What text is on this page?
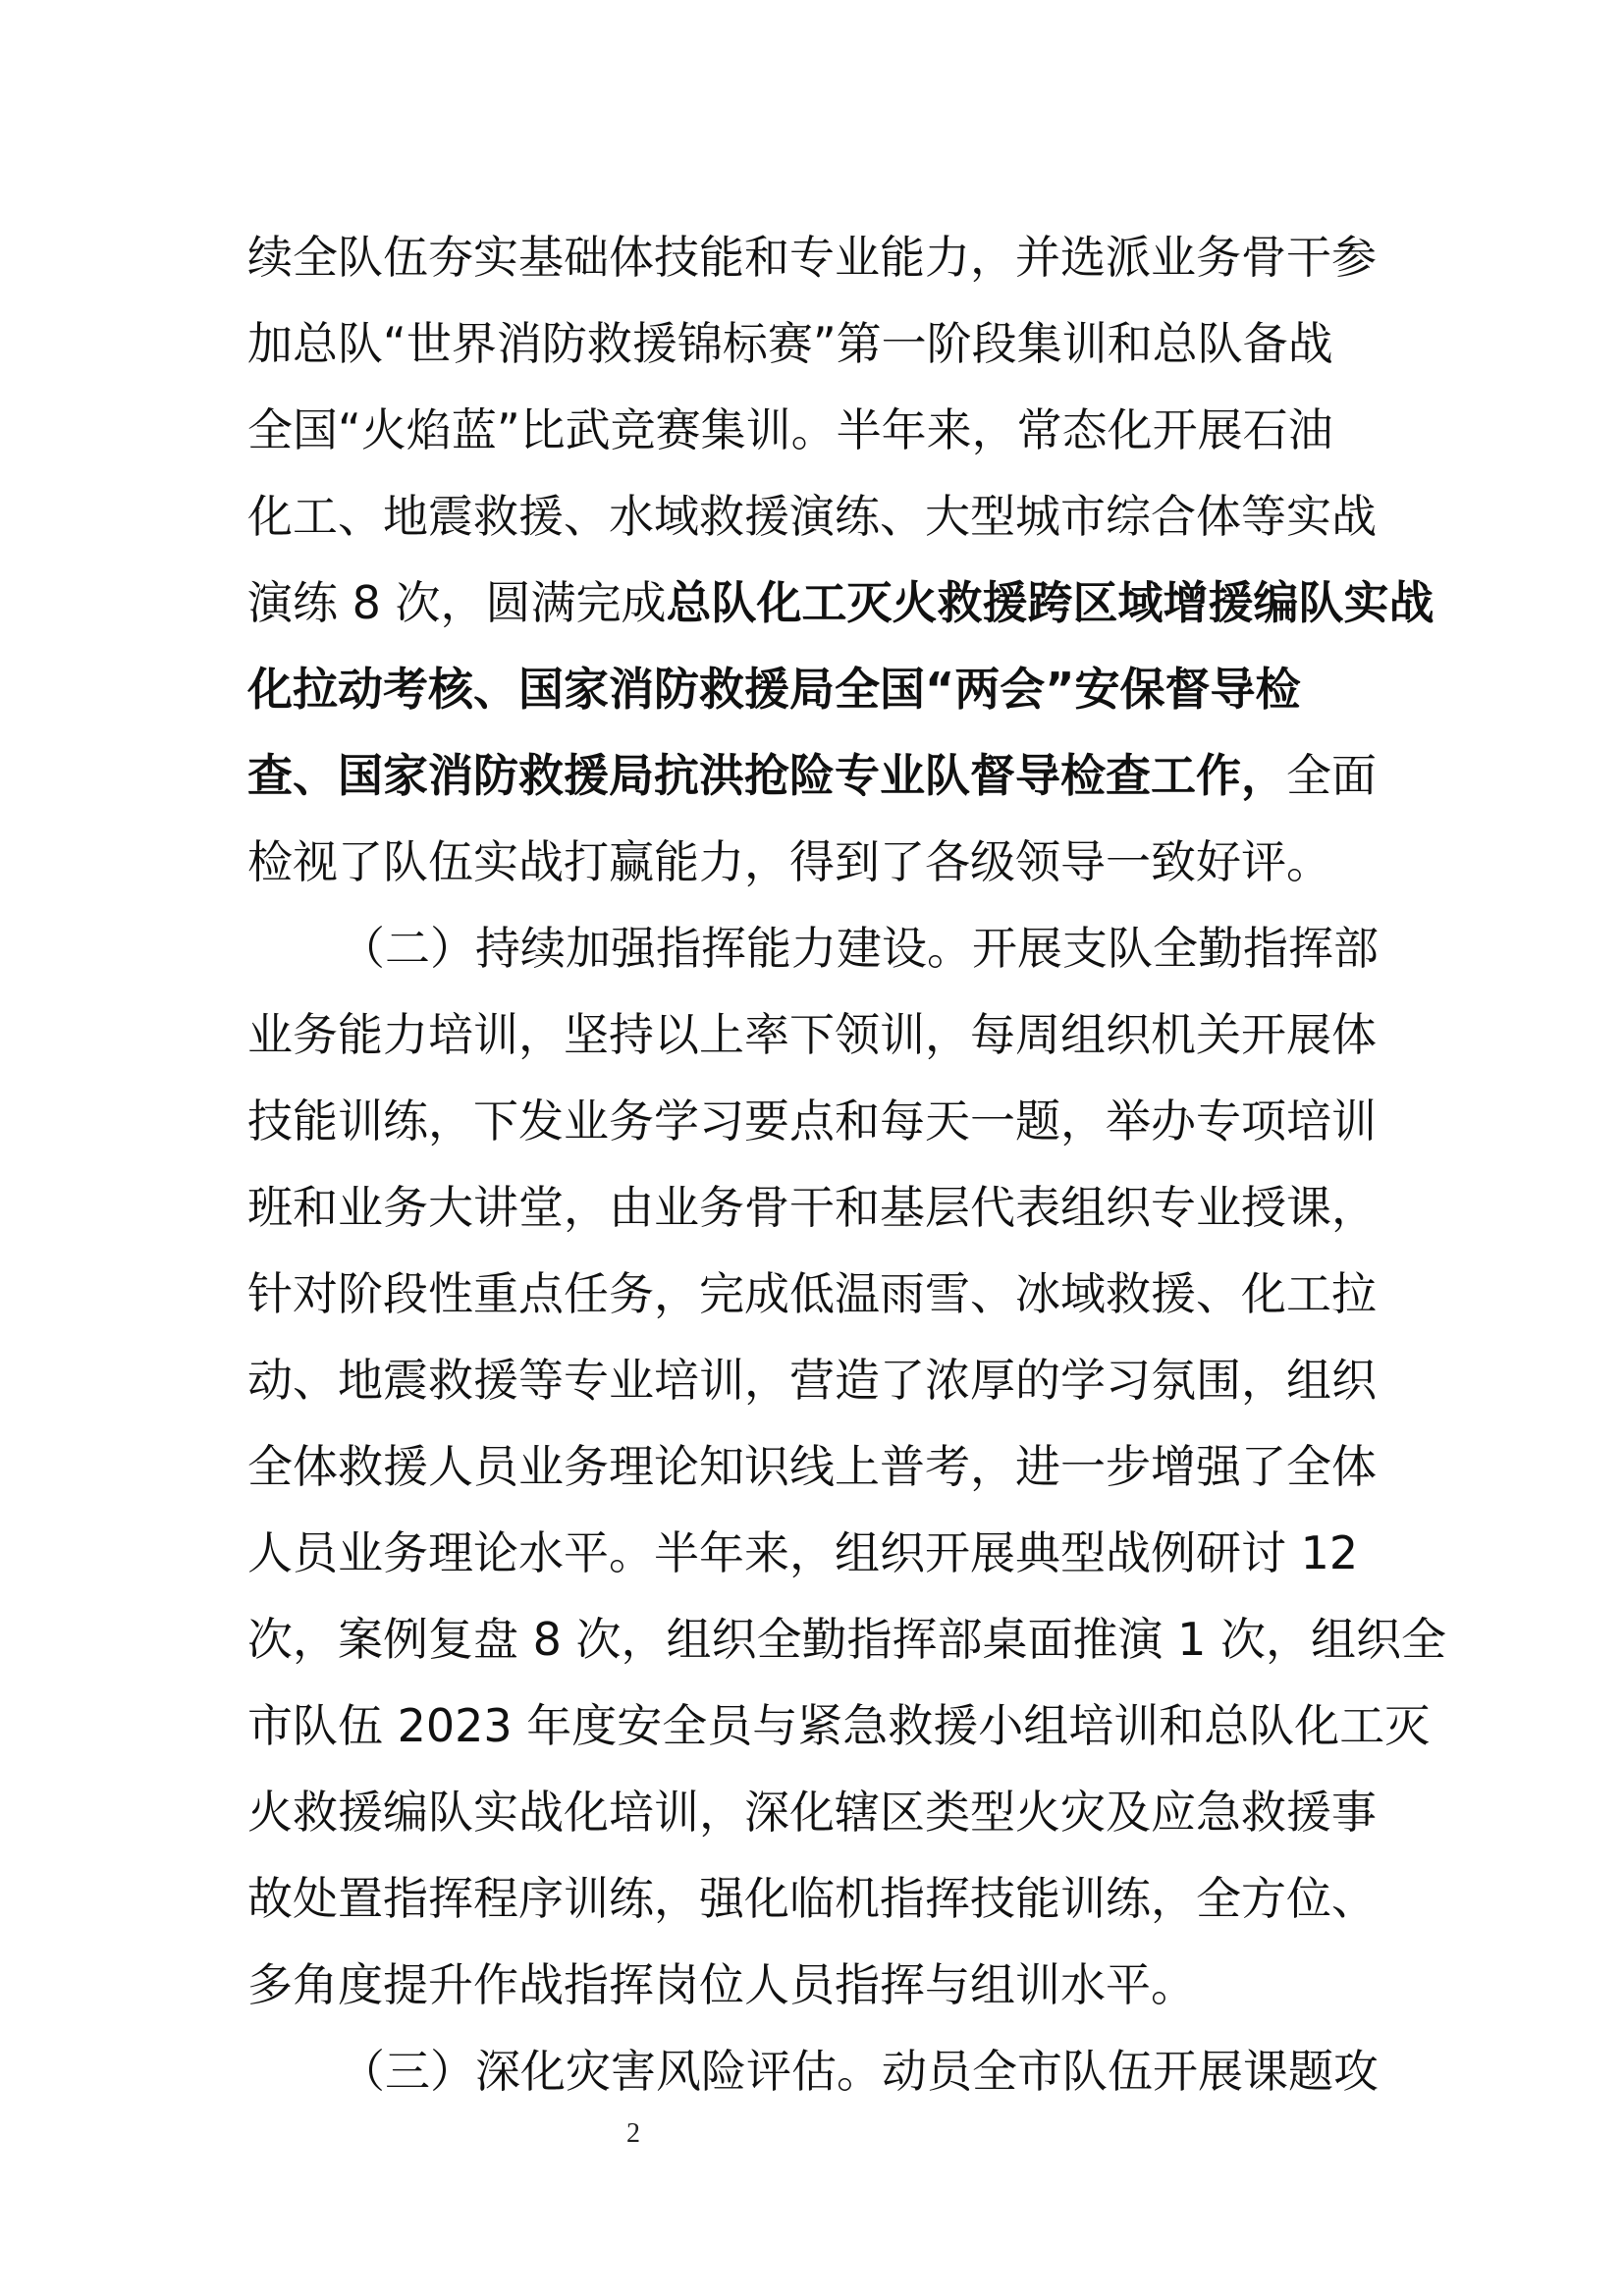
续全队伍夯实基础体技能和专业能力，并选派业务骨干参
加总队“世界消防救援锦标赛”第一阶段集训和总队备战
全国“火焰蓝”比武竞赛集训。半年来，常态化开展石油
化工、地震救援、水域救援演练、大型城市综合体等实战
演练 8 次，圆满完成总队化工灭火救援跨区域增援编队实战
化拉动考核、国家消防救援局全国“两会”安保督导检
查、国家消防救援局抗洪抢险专业队督导检查工作，全面
检视了队伍实战打赢能力，得到了各级领导一致好评。
（二）持续加强指挥能力建设。开展支队全勤指挥部
业务能力培训，坚持以上率下领训，每周组织机关开展体
技能训练，下发业务学习要点和每天一题，举办专项培训
班和业务大讲堂，由业务骨干和基层代表组织专业授课，
针对阶段性重点任务，完成低温雨雪、冰域救援、化工拉
动、地震救援等专业培训，营造了浓厚的学习氛围，组织
全体救援人员业务理论知识线上普考，进一步增强了全体
人员业务理论水平。半年来，组织开展典型战例研讨 12
次，案例复盘 8 次，组织全勤指挥部桌面推演 1 次，组织全
市队伍 2023 年度安全员与紧急救援小组培训和总队化工灭
火救援编队实战化培训，深化辖区类型火灾及应急救援事
故处置指挥程序训练，强化临机指挥技能训练，全方位、
多角度提升作战指挥岗位人员指挥与组训水平。
（三）深化灾害风险评估。动员全市队伍开展课题攻
2
